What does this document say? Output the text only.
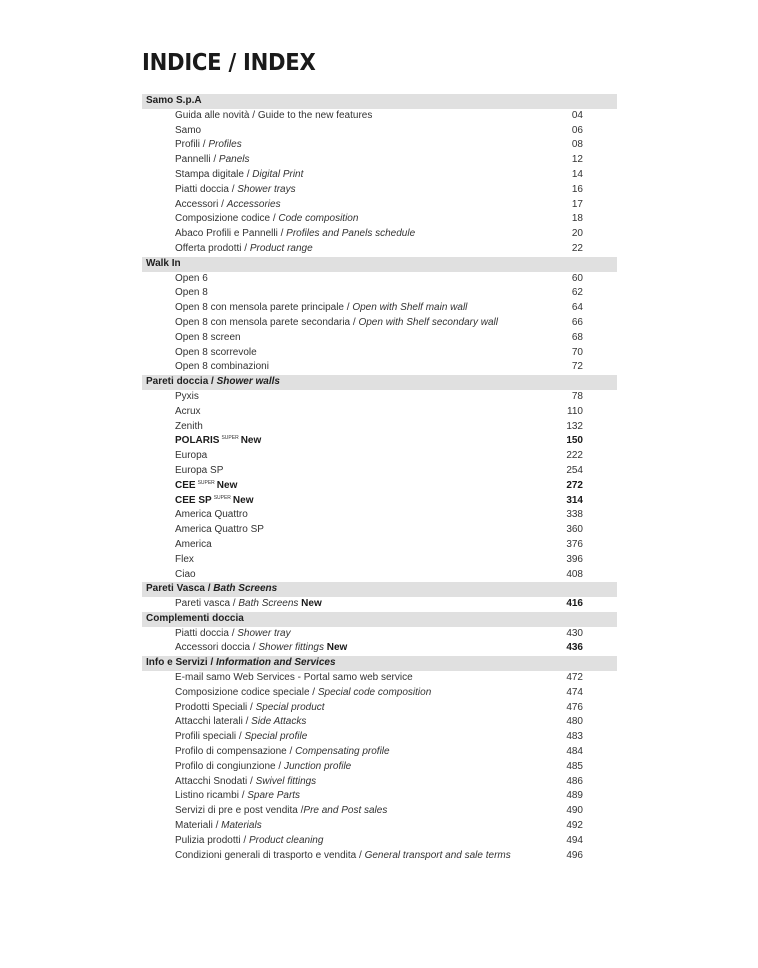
INDICE / INDEX
Samo S.p.A
Guida alle novità / Guide to the new features	04
Samo	06
Profili / Profiles	08
Pannelli / Panels	12
Stampa digitale / Digital Print	14
Piatti doccia / Shower trays	16
Accessori / Accessories	17
Composizione codice / Code composition	18
Abaco Profili e Pannelli / Profiles and Panels schedule	20
Offerta prodotti / Product range	22
Walk In
Open 6	60
Open 8	62
Open 8 con mensola parete principale / Open with Shelf main wall	64
Open 8 con mensola parete secondaria / Open with Shelf secondary wall	66
Open 8 screen	68
Open 8 scorrevole	70
Open 8 combinazioni	72
Pareti doccia / Shower walls
Pyxis	78
Acrux	110
Zenith	132
POLARIS $^{SUPER}$ New	150
Europa	222
Europa SP	254
CEE $^{SUPER}$ New	272
CEE SP $^{SUPER}$ New	314
America Quattro	338
America Quattro SP	360
America	376
Flex	396
Ciao	408
Pareti Vasca / Bath Screens
Pareti vasca / Bath Screens New	416
Complementi doccia
Piatti doccia / Shower tray	430
Accessori doccia / Shower fittings New	436
Info e Servizi / Information and Services
E-mail samo Web Services - Portal samo web service	472
Composizione codice speciale / Special code composition	474
Prodotti Speciali / Special product	476
Attacchi laterali / Side Attacks	480
Profili speciali / Special profile	483
Profilo di compensazione / Compensating profile	484
Profilo di congiunzione / Junction profile	485
Attacchi Snodati / Swivel fittings	486
Listino ricambi / Spare Parts	489
Servizi di pre e post vendita /Pre and Post sales	490
Materiali / Materials	492
Pulizia prodotti / Product cleaning	494
Condizioni generali di trasporto e vendita / General transport and sale terms	496
